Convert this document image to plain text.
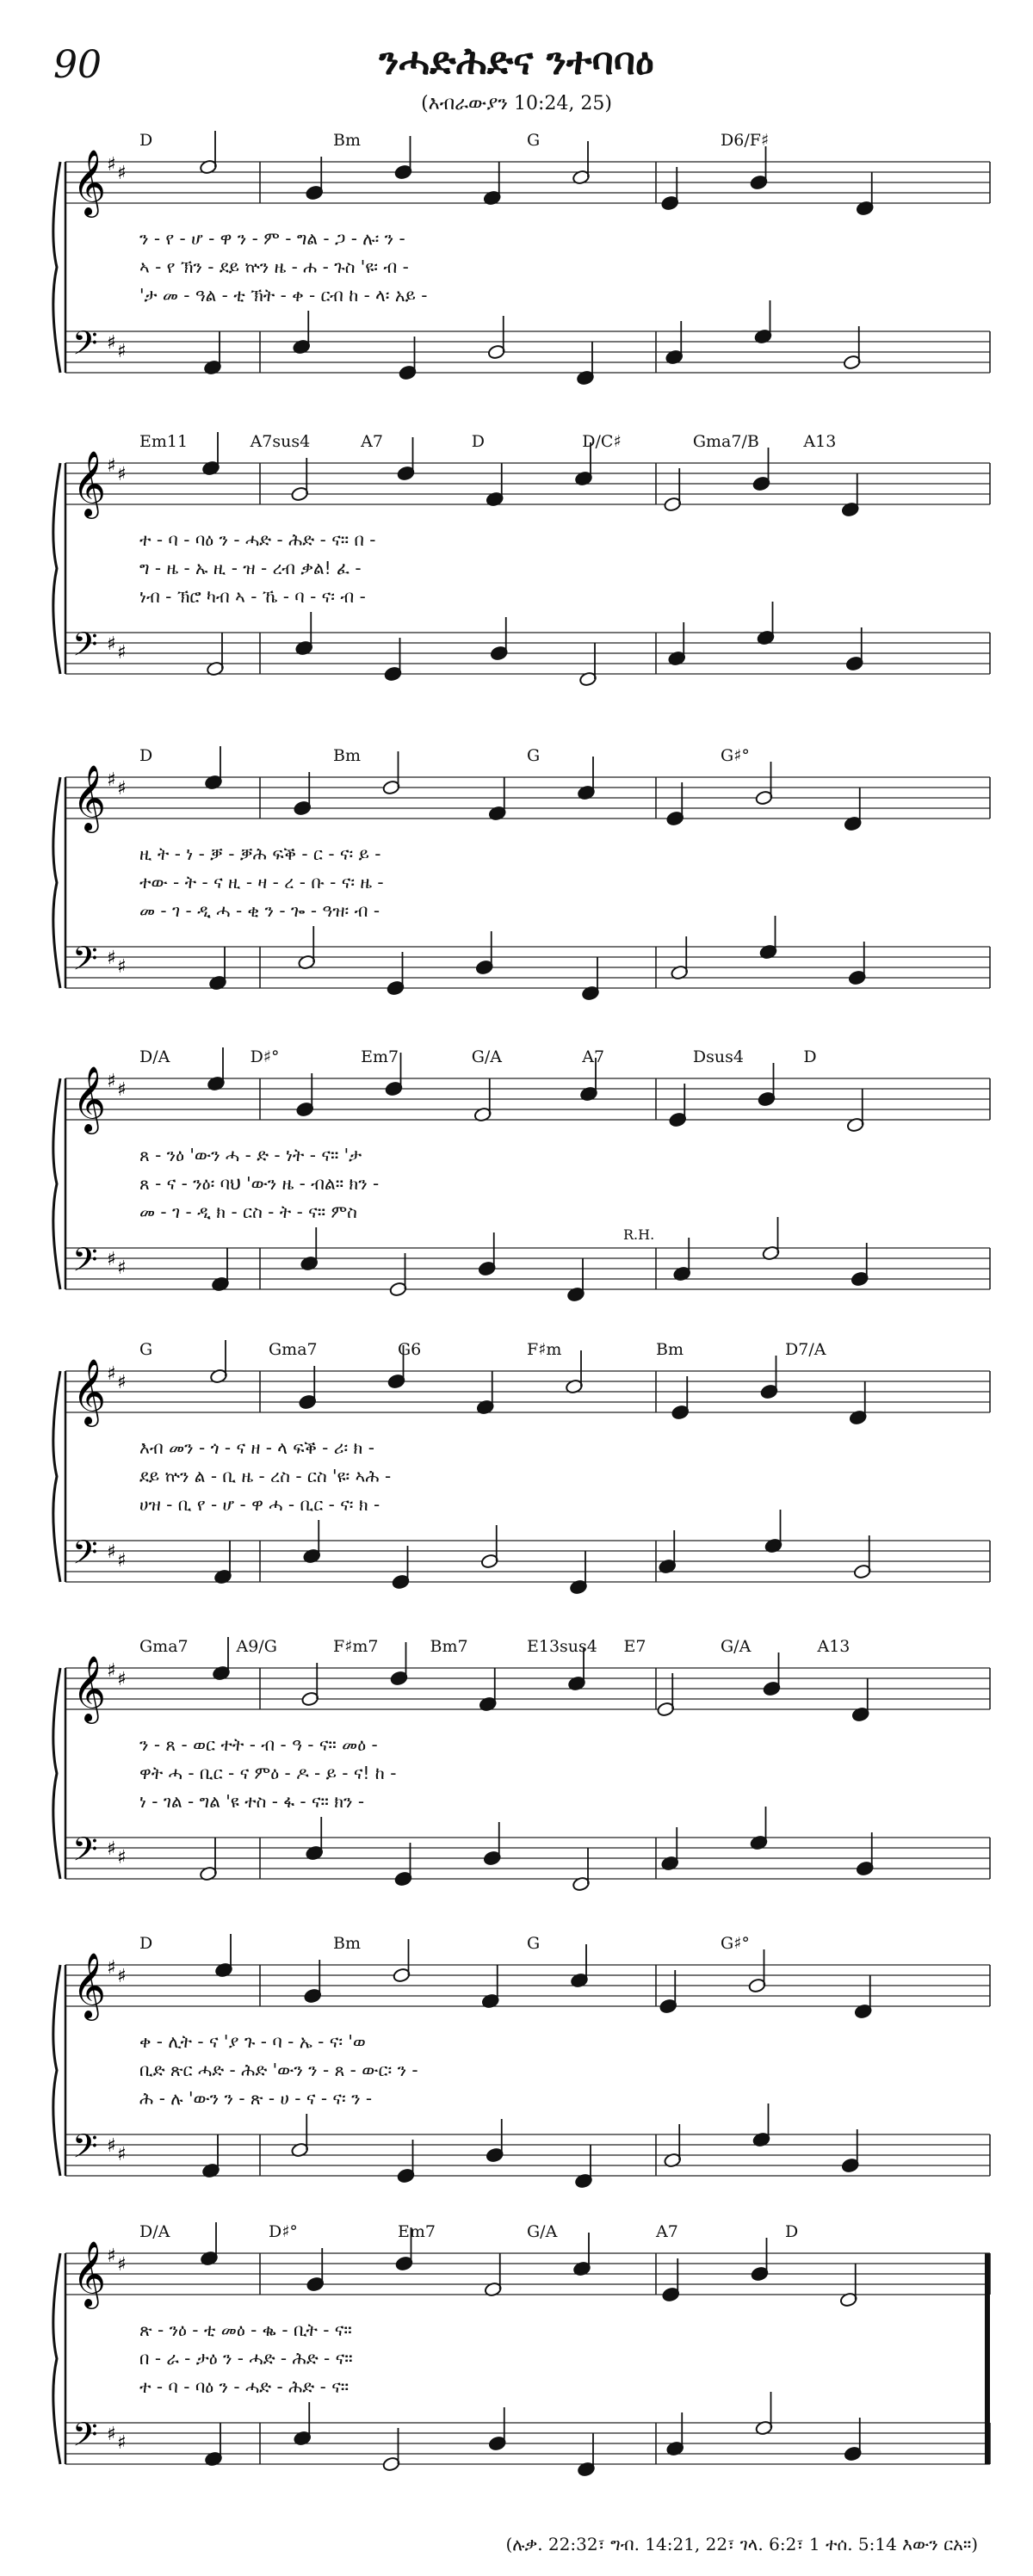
90	ንሓድሕድና ንተባባዕ
(እብራውያን 10:24, 25)
𝄞 ♯ ♯
𝄢 ♯ ♯
D	Bm	G	D6/F♯
ን - የ - ሆ - ዋ ን - ም - ግል - ጋ - ሉ፡ ን -
ኣ - የ ኽን - ደይ ኵን ዜ - ሐ - ጉስ 'ዩ፡ ብ -
'ታ መ - ዓል - ቲ ኽት - ቀ - ርብ ከ - ላ፡ አይ -
𝄞 ♯ ♯
𝄢 ♯ ♯
Em11	A7sus4	A7	D	D/C♯	Gma7/B	A13
ተ - ባ - ባዕ ን - ሓድ - ሕድ - ና። በ -
ግ - ዜ - ኡ ዚ - ዝ - ረብ ቃል! ፈ -
ነብ - ኽሮ ካብ ኣ - ኼ - ባ - ና፡ ብ -
𝄞 ♯ ♯
𝄢 ♯ ♯
D	Bm	G	G♯°
ዚ ት - ነ - ቓ - ቓሕ ፍቕ - ር - ና፡ ይ -
ተው - ት - ና ዚ - ዛ - ረ - ቡ - ና፡ ዜ -
መ - ገ - ዲ ሓ - ቂ ን - ጐ - ዓዝ፡ ብ -
𝄞 ♯ ♯
𝄢 ♯ ♯
D/A	D♯°	Em7	G/A	A7	Dsus4	D
ጸ - ንዕ 'ውን ሓ - ድ - ነት - ና። 'ታ
ጸ - ና - ንዕ፡ ባህ 'ውን ዜ - ብል። ክን -
መ - ገ - ዲ ክ - ርስ - ት - ና። ምስ
R.H.
𝄞 ♯ ♯
𝄢 ♯ ♯
G	Gma7	G6	F♯m	Bm	D7/A
እብ መን - ጎ - ና ዘ - ላ ፍቕ - ሪ፡ ክ -
ደይ ኵን ል - ቢ ዜ - ረስ - ርስ 'ዩ፡ ኣሕ -
ሀዝ - ቢ የ - ሆ - ዋ ሓ - ቢር - ና፡ ክ -
𝄞 ♯ ♯
𝄢 ♯ ♯
Gma7	A9/G	F♯m7	Bm7	E13sus4 E7	G/A	A13
ን - ጸ - ወር ተት - ብ - ዓ - ና። መዕ -
ዋት ሓ - ቢር - ና ምዕ - ዶ - ይ - ና! ከ -
ነ - ገል - ግል 'ዩ ተስ - ፋ - ና። ክን -
𝄞 ♯ ♯
𝄢 ♯ ♯
D	Bm	G	G♯°
ቀ - ሊት - ና 'ያ ጉ - ባ - ኤ - ና፡ 'ወ
ቢድ ጽር ሓድ - ሕድ 'ውን ን - ጸ - ውር፡ ን -
ሕ - ሉ 'ውን ን - ጽ - ሀ - ና - ና፡ ን -
𝄞 ♯ ♯
𝄢 ♯ ♯
D/A	D♯°	Em7	G/A	A7	D
ጽ - ንዕ - ቲ መዕ - ቈ - ቢት - ና።
በ - ራ - ታዕ ን - ሓድ - ሕድ - ና።
ተ - ባ - ባዕ ን - ሓድ - ሕድ - ና።
(ሉቃ. 22:32፣ ግብ. 14:21, 22፣ ገላ. 6:2፣ 1 ተሰ. 5:14 እውን ርአ።)
